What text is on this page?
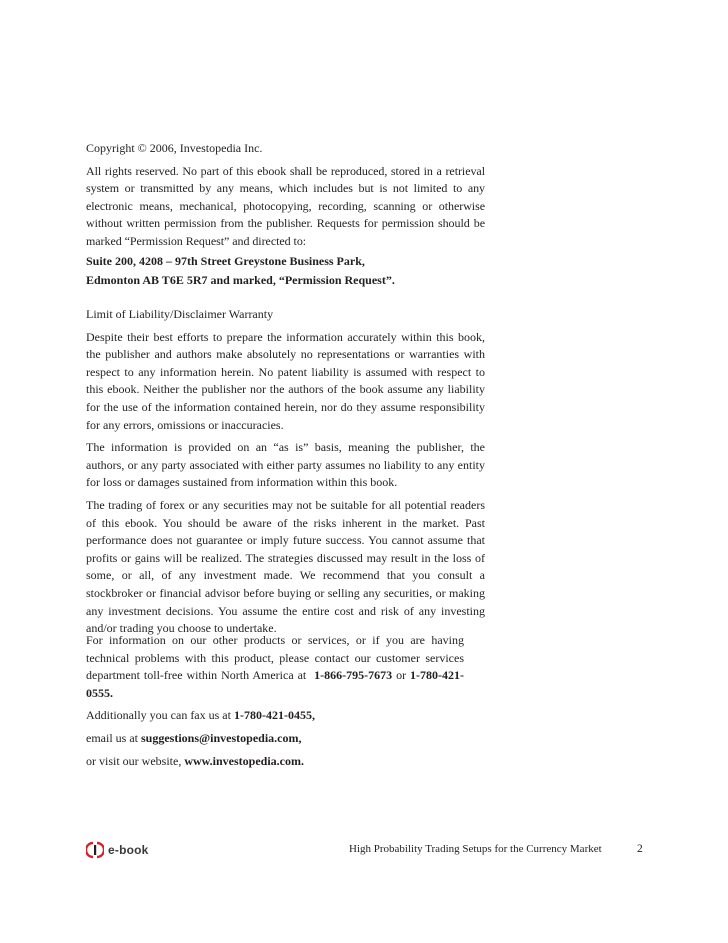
Copyright © 2006, Investopedia Inc.

All rights reserved. No part of this ebook shall be reproduced, stored in a retrieval system or transmitted by any means, which includes but is not limited to any electronic means, mechanical, photocopying, recording, scanning or otherwise without written permission from the publisher. Requests for permission should be marked “Permission Request” and directed to:

Suite 200, 4208 – 97th Street Greystone Business Park,

Edmonton AB T6E 5R7 and marked, “Permission Request”.

Limit of Liability/Disclaimer Warranty

Despite their best efforts to prepare the information accurately within this book, the publisher and authors make absolutely no representations or warranties with respect to any information herein. No patent liability is assumed with respect to this ebook. Neither the publisher nor the authors of the book assume any liability for the use of the information contained herein, nor do they assume responsibility for any errors, omissions or inaccuracies.

The information is provided on an “as is” basis, meaning the publisher, the authors, or any party associated with either party assumes no liability to any entity for loss or damages sustained from information within this book.

The trading of forex or any securities may not be suitable for all potential readers of this ebook. You should be aware of the risks inherent in the market. Past performance does not guarantee or imply future success. You cannot assume that profits or gains will be realized. The strategies discussed may result in the loss of some, or all, of any investment made. We recommend that you consult a stockbroker or financial advisor before buying or selling any securities, or making any investment decisions. You assume the entire cost and risk of any investing and/or trading you choose to undertake.

For information on our other products or services, or if you are having technical problems with this product, please contact our customer services department toll-free within North America at 1-866-795-7673 or 1-780-421-0555.

Additionally you can fax us at 1-780-421-0455,

email us at suggestions@investopedia.com,

or visit our website, www.investopedia.com.

e-book	High Probability Trading Setups for the Currency Market	2
